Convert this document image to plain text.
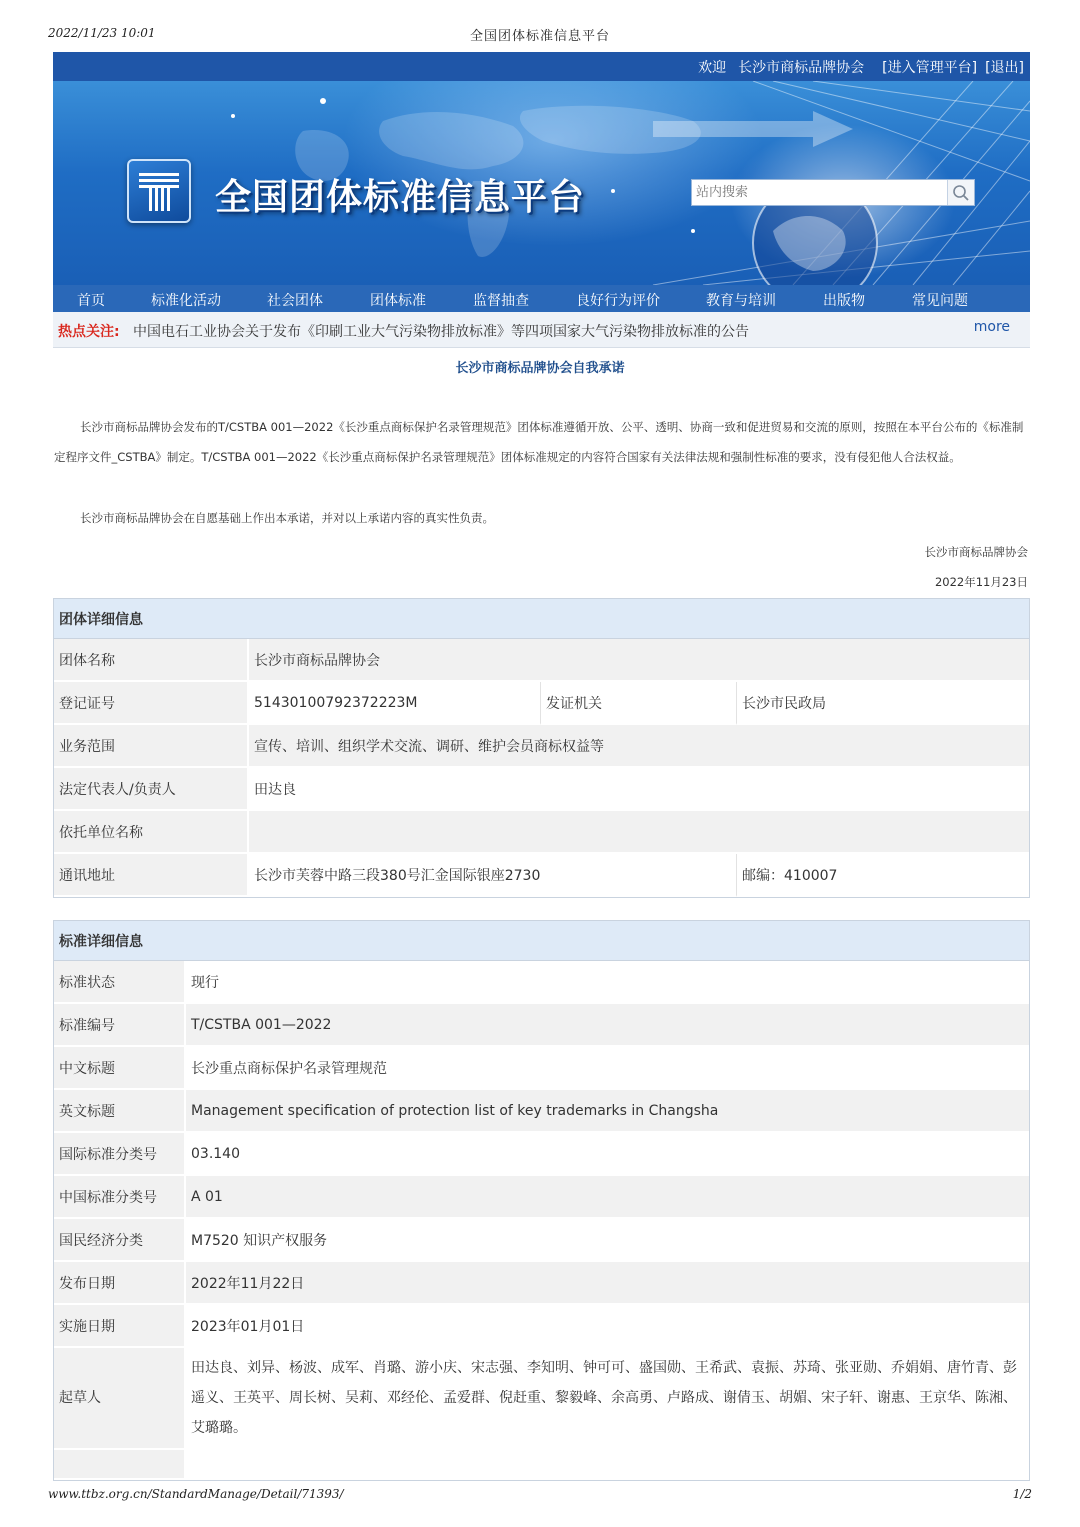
2022/11/23 10:01	全国团体标准信息平台
欢迎 长沙市商标品牌协会 [进入管理平台] [退出]
全国团体标准信息平台
站内搜索
首页	标准化活动	社会团体	团体标准	监督抽查	良好行为评价	教育与培训	出版物	常见问题
热点关注: 中国电石工业协会关于发布《印刷工业大气污染物排放标准》等四项国家大气污染物排放标准的公告	more
长沙市商标品牌协会自我承诺

长沙市商标品牌协会发布的T/CSTBA 001—2022《长沙重点商标保护名录管理规范》团体标准遵循开放、公平、透明、协商一致和促进贸易和交流的原则，按照在本平台公布的《标准制定程序文件_CSTBA》制定。T/CSTBA 001—2022《长沙重点商标保护名录管理规范》团体标准规定的内容符合国家有关法律法规和强制性标准的要求，没有侵犯他人合法权益。

长沙市商标品牌协会在自愿基础上作出本承诺，并对以上承诺内容的真实性负责。

长沙市商标品牌协会
2022年11月23日
团体详细信息			
团体名称	长沙市商标品牌协会		
登记证号	51430100792372223M	发证机关	长沙市民政局
业务范围	宣传、培训、组织学术交流、调研、维护会员商标权益等		
法定代表人/负责人	田达良		
依托单位名称			
通讯地址	长沙市芙蓉中路三段380号汇金国际银座2730		邮编：410007
标准详细信息	
标准状态	现行
标准编号	T/CSTBA 001—2022
中文标题	长沙重点商标保护名录管理规范
英文标题	Management specification of protection list of key trademarks in Changsha
国际标准分类号	03.140
中国标准分类号	A 01
国民经济分类	M7520 知识产权服务
发布日期	2022年11月22日
实施日期	2023年01月01日
起草人	田达良、刘异、杨波、成军、肖璐、游小庆、宋志强、李知明、钟可可、盛国勋、王希武、袁振、苏琦、张亚勋、乔娟娟、唐竹青、彭遥义、王英平、周长树、吴莉、邓经伦、孟爱群、倪赶重、黎毅峰、余高勇、卢路成、谢倩玉、胡媚、宋子轩、谢惠、王京华、陈湘、艾璐璐。

www.ttbz.org.cn/StandardManage/Detail/71393/	1/2
